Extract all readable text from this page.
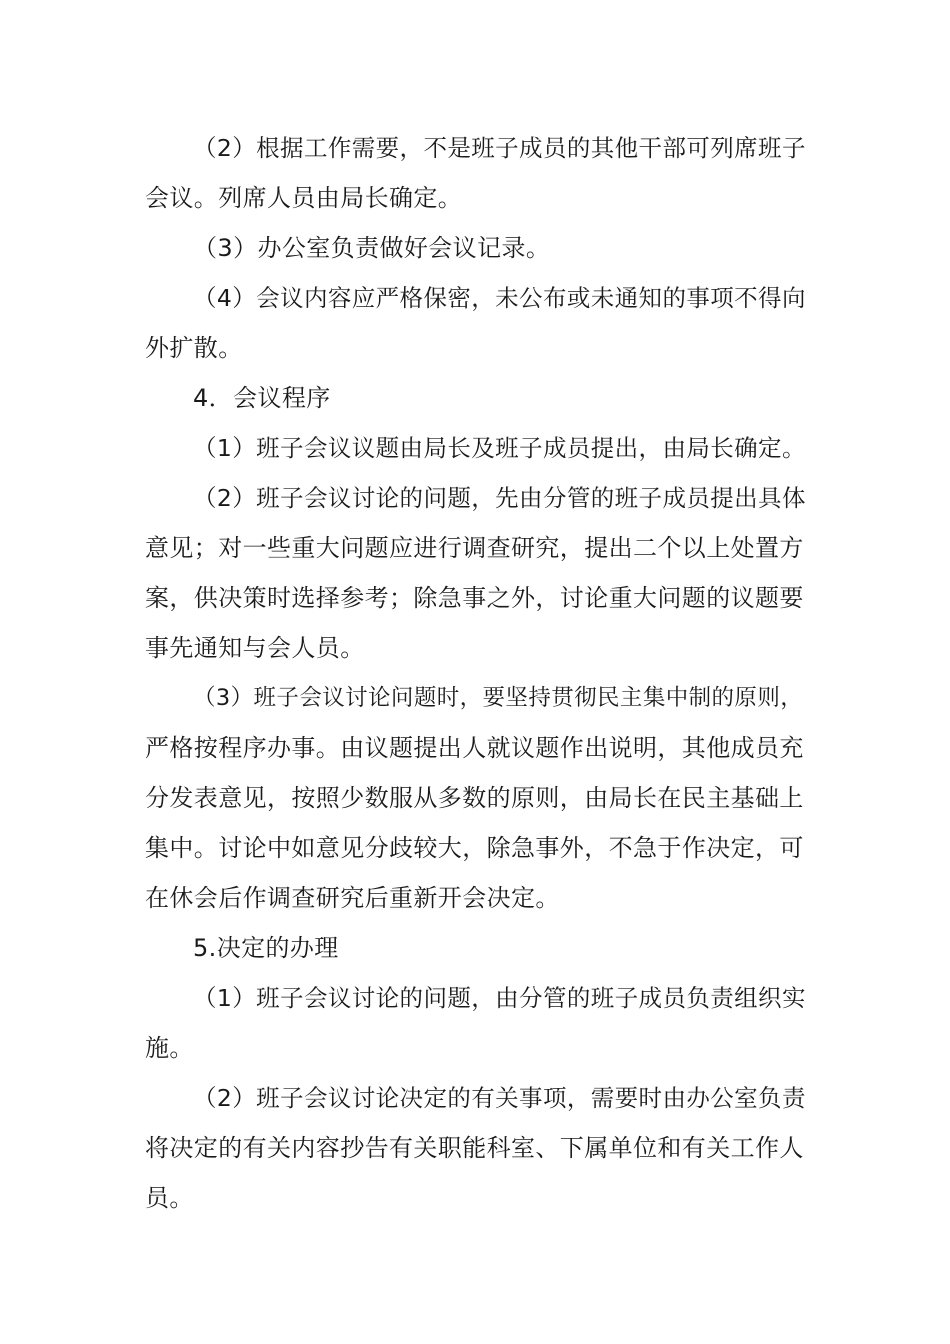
（2）根据工作需要，不是班子成员的其他干部可列席班子
会议。列席人员由局长确定。
（3）办公室负责做好会议记录。
（4）会议内容应严格保密，未公布或未通知的事项不得向
外扩散。
4．会议程序
（1）班子会议议题由局长及班子成员提出，由局长确定。
（2）班子会议讨论的问题，先由分管的班子成员提出具体
意见；对一些重大问题应进行调查研究，提出二个以上处置方
案，供决策时选择参考；除急事之外，讨论重大问题的议题要
事先通知与会人员。
（3）班子会议讨论问题时，要坚持贯彻民主集中制的原则，
严格按程序办事。由议题提出人就议题作出说明，其他成员充
分发表意见，按照少数服从多数的原则，由局长在民主基础上
集中。讨论中如意见分歧较大，除急事外，不急于作决定，可
在休会后作调查研究后重新开会决定。
5.决定的办理
（1）班子会议讨论的问题，由分管的班子成员负责组织实
施。
（2）班子会议讨论决定的有关事项，需要时由办公室负责
将决定的有关内容抄告有关职能科室、下属单位和有关工作人
员。
